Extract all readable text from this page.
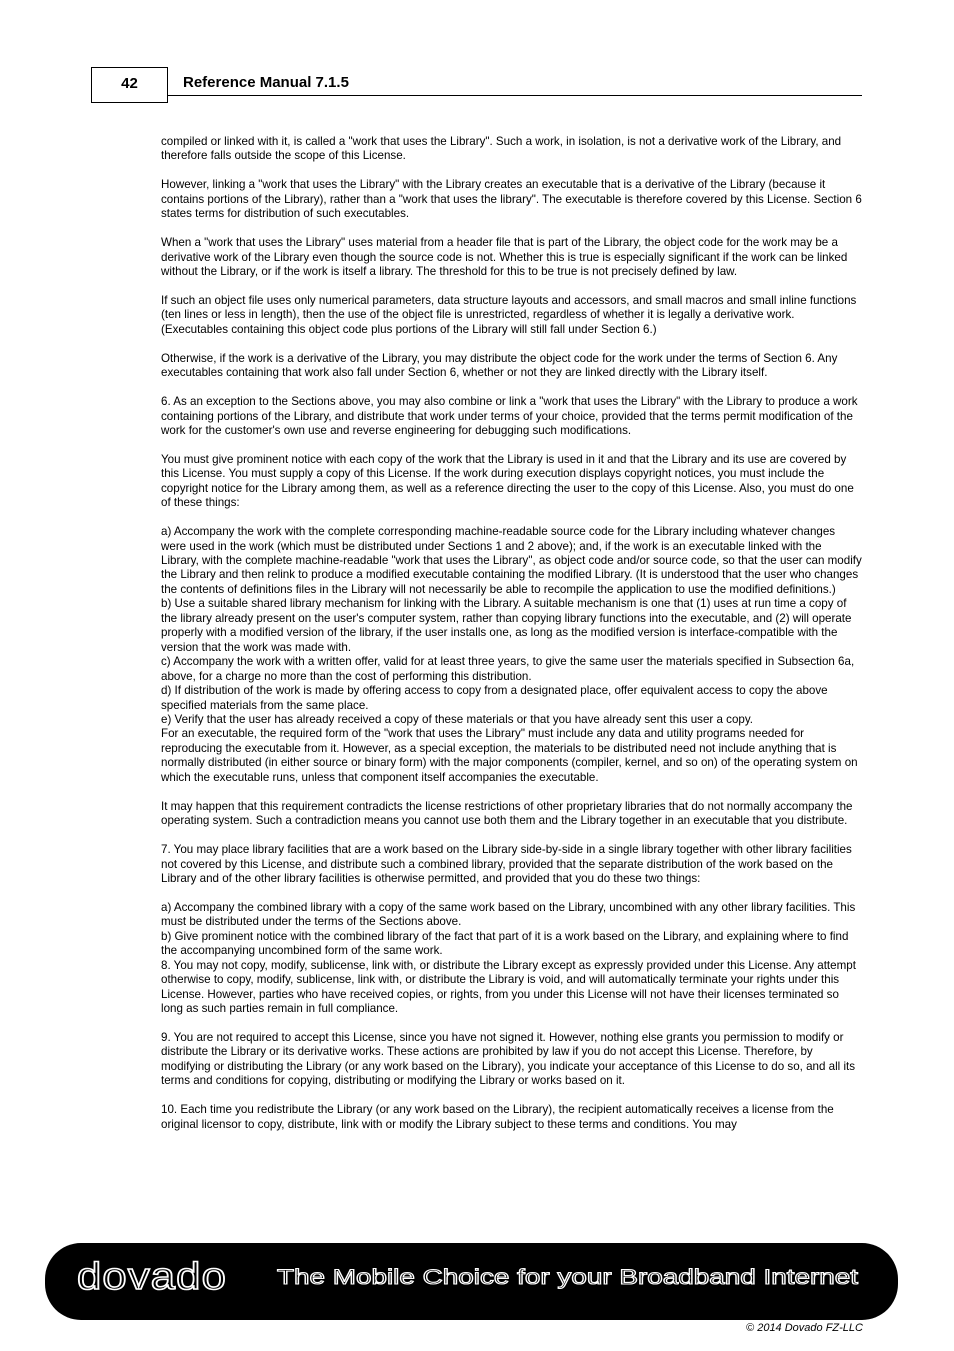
42	Reference Manual 7.1.5

compiled or linked with it, is called a "work that uses the Library". Such a work, in isolation, is not a derivative work of the Library, and therefore falls outside the scope of this License.

However, linking a "work that uses the Library" with the Library creates an executable that is a derivative of the Library (because it contains portions of the Library), rather than a "work that uses the library". The executable is therefore covered by this License. Section 6 states terms for distribution of such executables.

When a "work that uses the Library" uses material from a header file that is part of the Library, the object code for the work may be a derivative work of the Library even though the source code is not. Whether this is true is especially significant if the work can be linked without the Library, or if the work is itself a library. The threshold for this to be true is not precisely defined by law.

If such an object file uses only numerical parameters, data structure layouts and accessors, and small macros and small inline functions (ten lines or less in length), then the use of the object file is unrestricted, regardless of whether it is legally a derivative work. (Executables containing this object code plus portions of the Library will still fall under Section 6.)

Otherwise, if the work is a derivative of the Library, you may distribute the object code for the work under the terms of Section 6. Any executables containing that work also fall under Section 6, whether or not they are linked directly with the Library itself.

6. As an exception to the Sections above, you may also combine or link a "work that uses the Library" with the Library to produce a work containing portions of the Library, and distribute that work under terms of your choice, provided that the terms permit modification of the work for the customer's own use and reverse engineering for debugging such modifications.

You must give prominent notice with each copy of the work that the Library is used in it and that the Library and its use are covered by this License. You must supply a copy of this License. If the work during execution displays copyright notices, you must include the copyright notice for the Library among them, as well as a reference directing the user to the copy of this License. Also, you must do one of these things:

a) Accompany the work with the complete corresponding machine-readable source code for the Library including whatever changes were used in the work (which must be distributed under Sections 1 and 2 above); and, if the work is an executable linked with the Library, with the complete machine-readable "work that uses the Library", as object code and/or source code, so that the user can modify the Library and then relink to produce a modified executable containing the modified Library. (It is understood that the user who changes the contents of definitions files in the Library will not necessarily be able to recompile the application to use the modified definitions.)

b) Use a suitable shared library mechanism for linking with the Library. A suitable mechanism is one that (1) uses at run time a copy of the library already present on the user's computer system, rather than copying library functions into the executable, and (2) will operate properly with a modified version of the library, if the user installs one, as long as the modified version is interface-compatible with the version that the work was made with.

c) Accompany the work with a written offer, valid for at least three years, to give the same user the materials specified in Subsection 6a, above, for a charge no more than the cost of performing this distribution.

d) If distribution of the work is made by offering access to copy from a designated place, offer equivalent access to copy the above specified materials from the same place.

e) Verify that the user has already received a copy of these materials or that you have already sent this user a copy.

For an executable, the required form of the "work that uses the Library" must include any data and utility programs needed for reproducing the executable from it. However, as a special exception, the materials to be distributed need not include anything that is normally distributed (in either source or binary form) with the major components (compiler, kernel, and so on) of the operating system on which the executable runs, unless that component itself accompanies the executable.

It may happen that this requirement contradicts the license restrictions of other proprietary libraries that do not normally accompany the operating system. Such a contradiction means you cannot use both them and the Library together in an executable that you distribute.

7. You may place library facilities that are a work based on the Library side-by-side in a single library together with other library facilities not covered by this License, and distribute such a combined library, provided that the separate distribution of the work based on the Library and of the other library facilities is otherwise permitted, and provided that you do these two things:

a) Accompany the combined library with a copy of the same work based on the Library, uncombined with any other library facilities. This must be distributed under the terms of the Sections above.

b) Give prominent notice with the combined library of the fact that part of it is a work based on the Library, and explaining where to find the accompanying uncombined form of the same work.

8. You may not copy, modify, sublicense, link with, or distribute the Library except as expressly provided under this License. Any attempt otherwise to copy, modify, sublicense, link with, or distribute the Library is void, and will automatically terminate your rights under this License. However, parties who have received copies, or rights, from you under this License will not have their licenses terminated so long as such parties remain in full compliance.

9. You are not required to accept this License, since you have not signed it. However, nothing else grants you permission to modify or distribute the Library or its derivative works. These actions are prohibited by law if you do not accept this License. Therefore, by modifying or distributing the Library (or any work based on the Library), you indicate your acceptance of this License to do so, and all its terms and conditions for copying, distributing or modifying the Library or works based on it.

10. Each time you redistribute the Library (or any work based on the Library), the recipient automatically receives a license from the original licensor to copy, distribute, link with or modify the Library subject to these terms and conditions. You may

dovado The Mobile Choice for your Broadband Internet
© 2014 Dovado FZ-LLC
